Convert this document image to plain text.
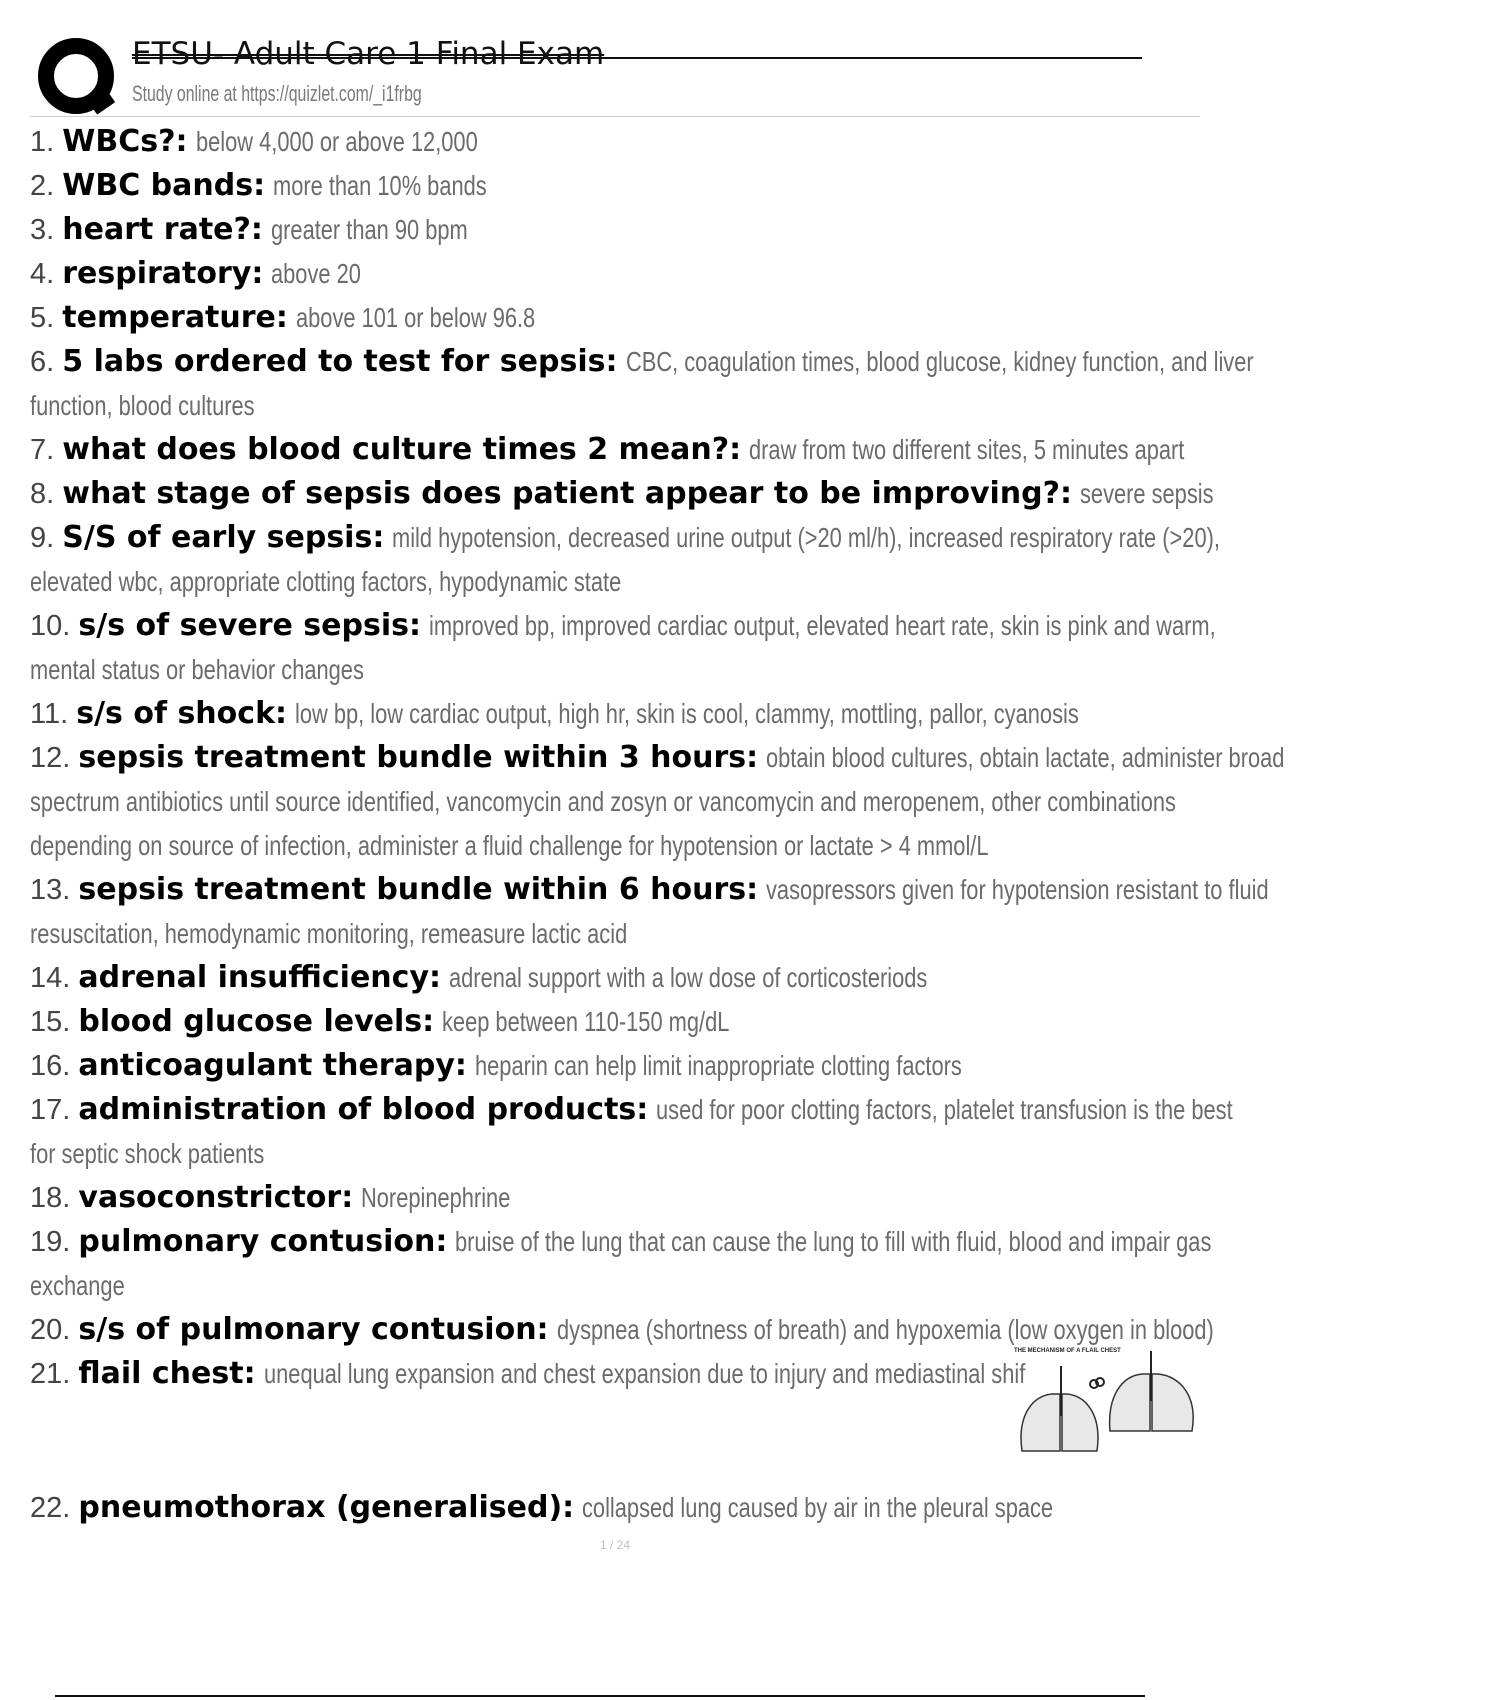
ETSU- Adult Care 1 Final Exam
Study online at https://quizlet.com/_i1frbg
1. WBCs?: below 4,000 or above 12,000
2. WBC bands: more than 10% bands
3. heart rate?: greater than 90 bpm
4. respiratory: above 20
5. temperature: above 101 or below 96.8
6. 5 labs ordered to test for sepsis: CBC, coagulation times, blood glucose, kidney function, and liver
function, blood cultures
7. what does blood culture times 2 mean?: draw from two different sites, 5 minutes apart
8. what stage of sepsis does patient appear to be improving?: severe sepsis
9. S/S of early sepsis: mild hypotension, decreased urine output (>20 ml/h), increased respiratory rate (>20),
elevated wbc, appropriate clotting factors, hypodynamic state
10. s/s of severe sepsis: improved bp, improved cardiac output, elevated heart rate, skin is pink and warm,
mental status or behavior changes
11. s/s of shock: low bp, low cardiac output, high hr, skin is cool, clammy, mottling, pallor, cyanosis
12. sepsis treatment bundle within 3 hours: obtain blood cultures, obtain lactate, administer broad
spectrum antibiotics until source identified, vancomycin and zosyn or vancomycin and meropenem, other combinations
depending on source of infection, administer a fluid challenge for hypotension or lactate > 4 mmol/L
13. sepsis treatment bundle within 6 hours: vasopressors given for hypotension resistant to fluid
resuscitation, hemodynamic monitoring, remeasure lactic acid
14. adrenal insufficiency: adrenal support with a low dose of corticosteriods
15. blood glucose levels: keep between 110-150 mg/dL
16. anticoagulant therapy: heparin can help limit inappropriate clotting factors
17. administration of blood products: used for poor clotting factors, platelet transfusion is the best
for septic shock patients
18. vasoconstrictor: Norepinephrine
19. pulmonary contusion: bruise of the lung that can cause the lung to fill with fluid, blood and impair gas
exchange
20. s/s of pulmonary contusion: dyspnea (shortness of breath) and hypoxemia (low oxygen in blood)
21. flail chest: unequal lung expansion and chest expansion due to injury and mediastinal shif
22. pneumothorax (generalised): collapsed lung caused by air in the pleural space
THE MECHANISM OF A FLAIL CHEST
1 / 24
